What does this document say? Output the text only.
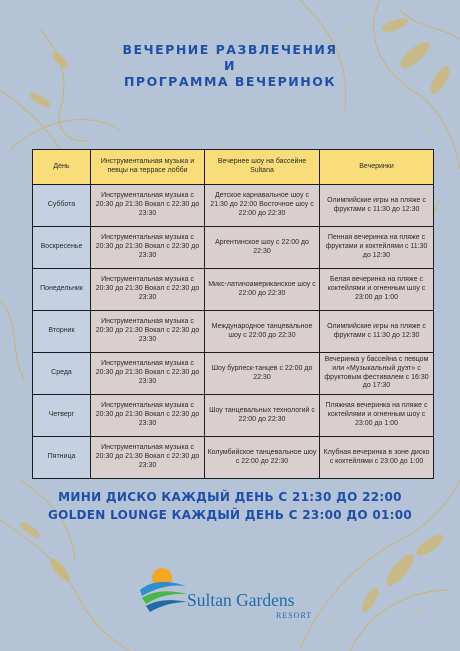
ВЕЧЕРНИЕ РАЗВЛЕЧЕНИЯ
И
ПРОГРАММА ВЕЧЕРИНОК
День	Инструментальная музыка и певцы на террасе лобби	Вечернее шоу на бассейне Sultana	Вечеринки
Суббота	Инструментальная музыка с 20:30 до 21:30 Вокал с 22:30 до 23:30	Детское карнавальное шоу с 21:30 до 22:00 Восточное шоу с 22:00 до 22:30	Олимпийские игры на пляже с фруктами с 11:30 до 12:30
Воскресенье	Инструментальная музыка с 20:30 до 21:30 Вокал с 22:30 до 23:30	Аргентинское шоу с 22:00 до 22:30	Пенная вечеринка на пляже с фруктами и коктейлями с 11:30 до 12:30
Понедельник	Инструментальная музыка с 20:30 до 21:30 Вокал с 22:30 до 23:30	Микс-латиноамериканское шоу с 22:00 до 22:30	Белая вечеринка на пляже с коктейлями и огненным шоу с 23:00 до 1:00
Вторник	Инструментальная музыка с 20:30 до 21:30 Вокал с 22:30 до 23:30	Международное танцевальное шоу с 22:00 до 22:30	Олимпийские игры на пляже с фруктами с 11:30 до 12:30
Среда	Инструментальная музыка с 20:30 до 21:30 Вокал с 22:30 до 23:30	Шоу бурлеск-танцев с 22:00 до 22:30	Вечеринка у бассейна с певцом или «Музыкальный дуэт» с фруктовым фестивалем с 16:30 до 17:30
Четверг	Инструментальная музыка с 20:30 до 21:30 Вокал с 22:30 до 23:30	Шоу танцевальных технологий с 22:00 до 22:30	Пляжная вечеринка на пляже с коктейлями и огненным шоу с 23:00 до 1:00
Пятница	Инструментальная музыка с 20:30 до 21:30 Вокал с 22:30 до 23:30	Колумбийское танцевальное шоу с 22:00 до 22:30	Клубная вечеринка в зоне диско с коктейлями с 23:00 до 1:00
МИНИ ДИСКО КАЖДЫЙ ДЕНЬ С 21:30 ДО 22:00
GOLDEN LOUNGE КАЖДЫЙ ДЕНЬ С 23:00 ДО 01:00
Sultan Gardens
RESORT
